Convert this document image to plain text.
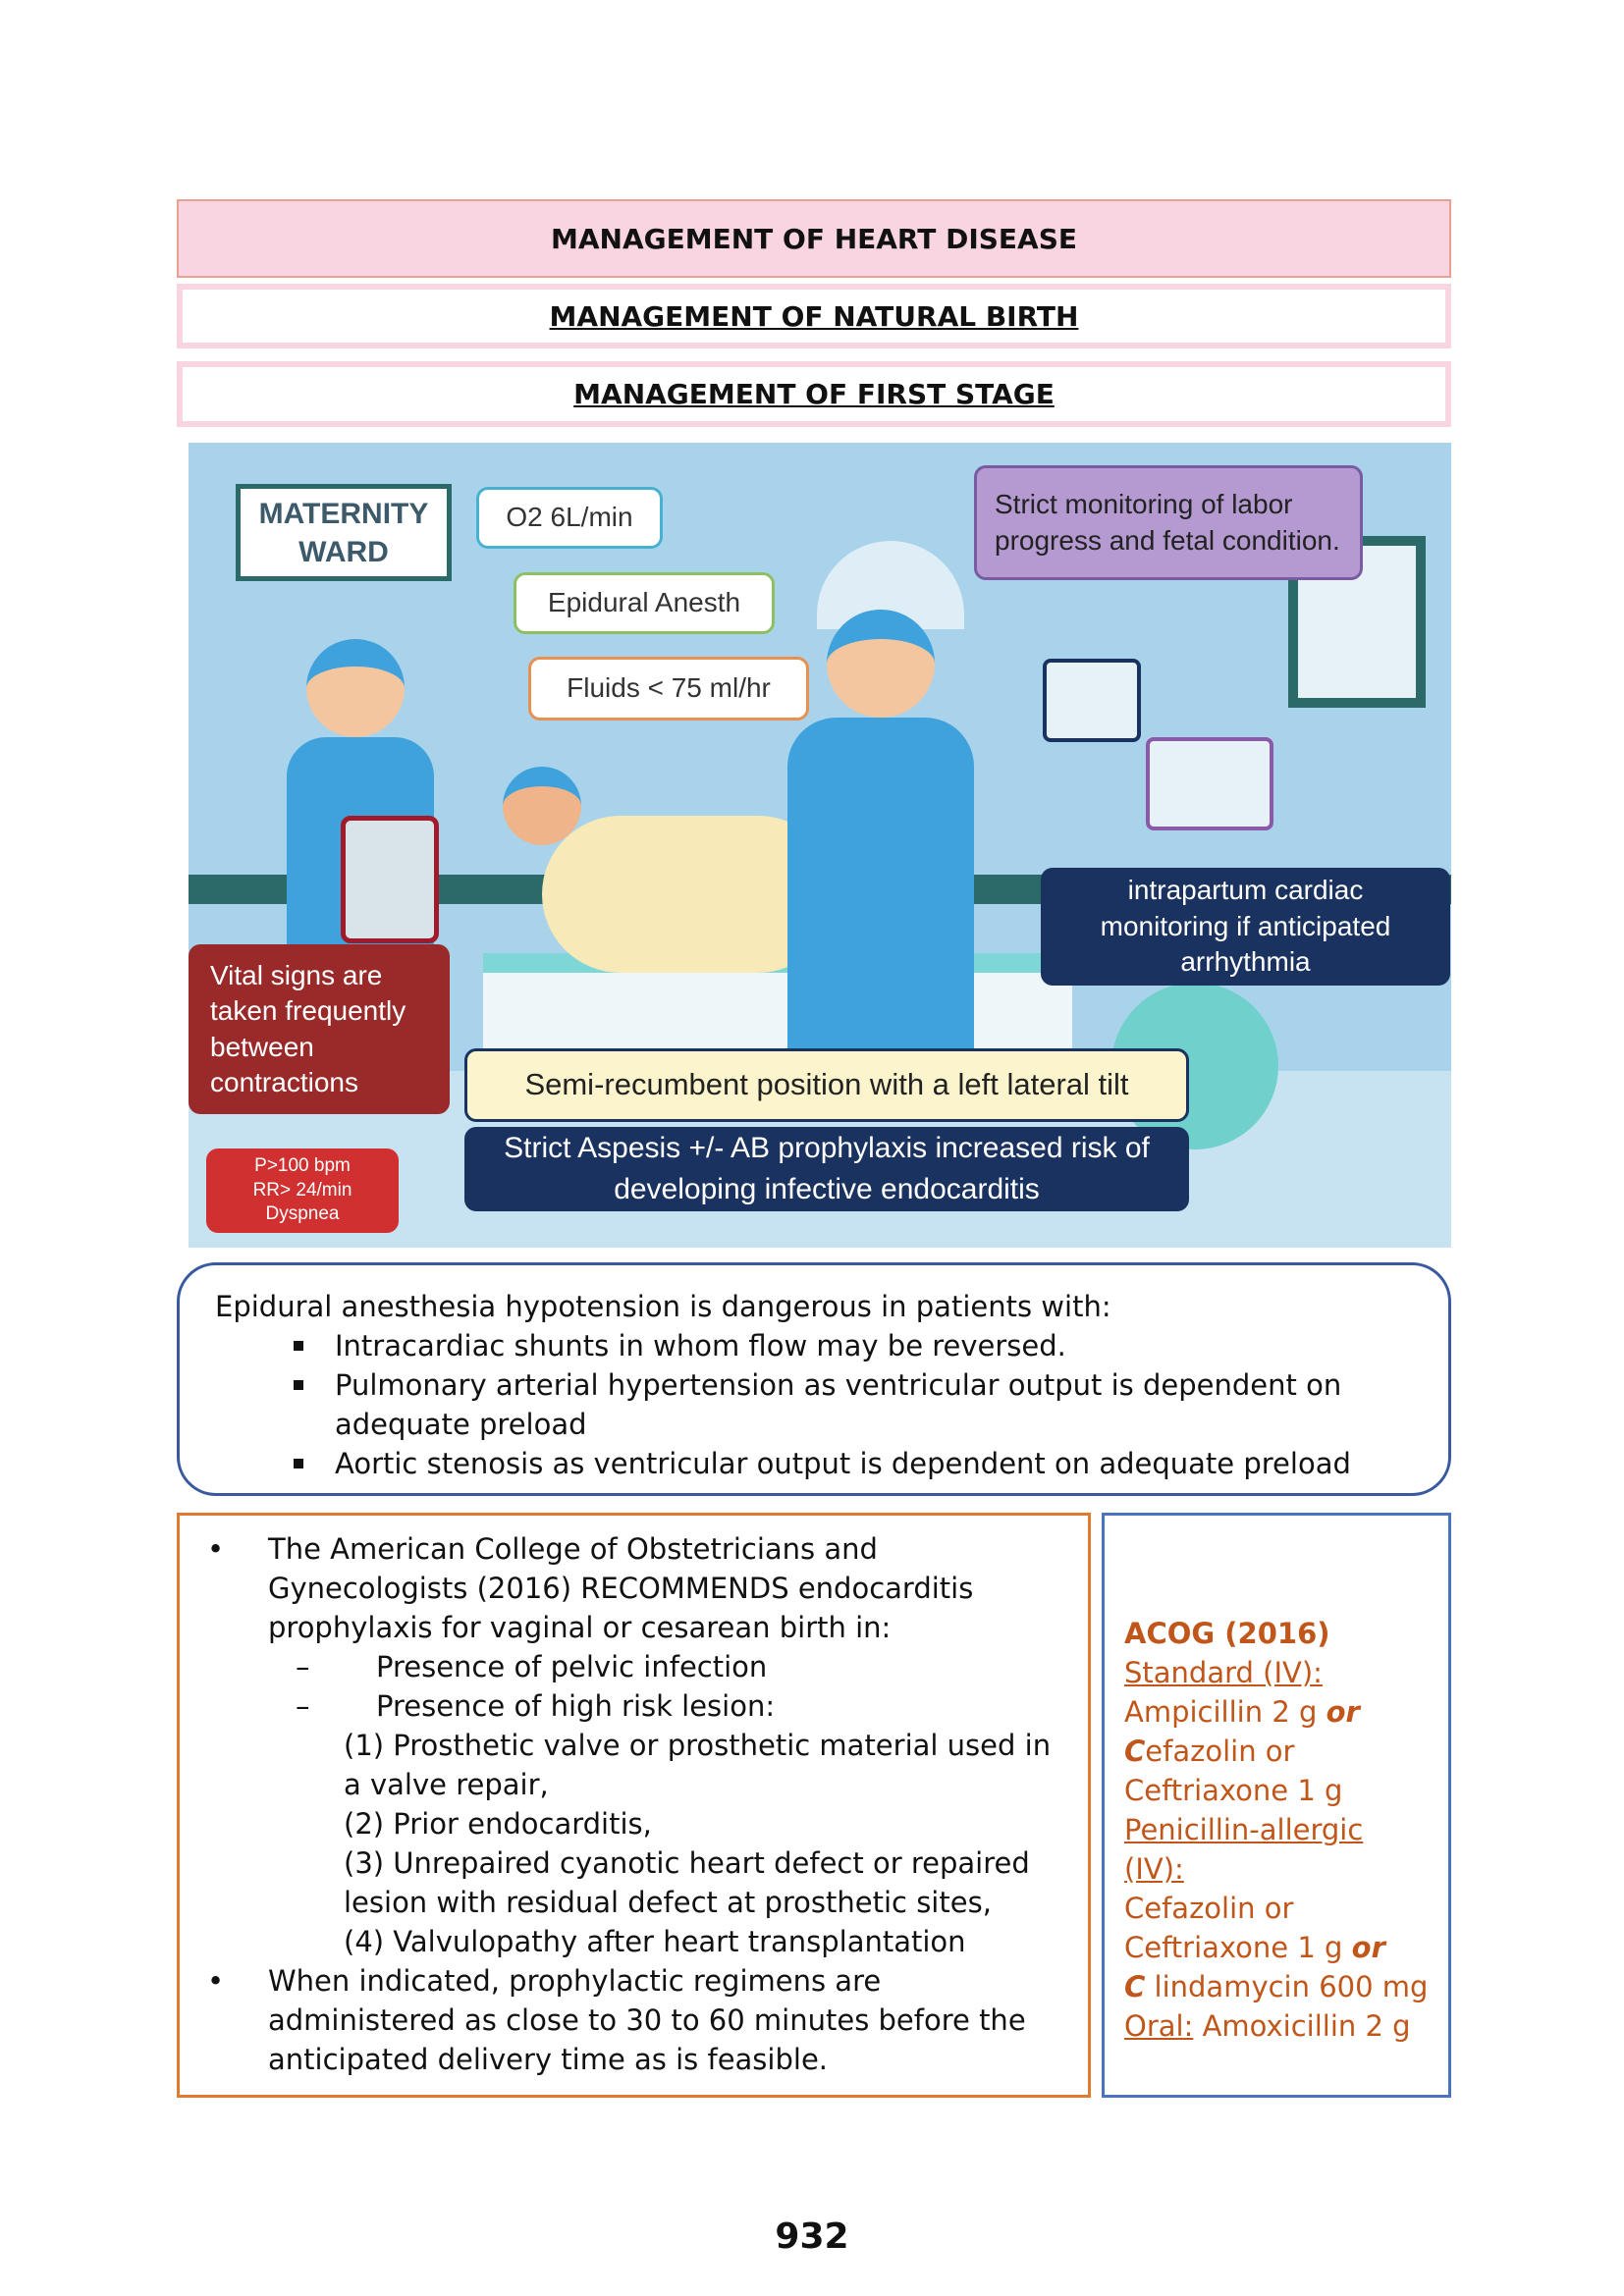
MANAGEMENT OF HEART DISEASE
MANAGEMENT OF NATURAL BIRTH
MANAGEMENT OF FIRST STAGE
MATERNITY WARD
O2 6L/min
Epidural Anesth
Fluids < 75 ml/hr
Strict monitoring of labor progress and fetal condition.
intrapartum cardiac monitoring if anticipated arrhythmia
Vital signs are taken frequently between contractions	Semi-recumbent position with a left lateral tilt
Strict Aspesis +/- AB prophylaxis increased risk of developing infective endocarditis
P>100 bpm
RR> 24/min
Dyspnea
Epidural anesthesia hypotension is dangerous in patients with:
Intracardiac shunts in whom flow may be reversed.
Pulmonary arterial hypertension as ventricular output is dependent on adequate preload
Aortic stenosis as ventricular output is dependent on adequate preload
• The American College of Obstetricians and Gynecologists (2016) RECOMMENDS endocarditis prophylaxis for vaginal or cesarean birth in:
– Presence of pelvic infection
– Presence of high risk lesion:
(1) Prosthetic valve or prosthetic material used in a valve repair,
(2) Prior endocarditis,
(3) Unrepaired cyanotic heart defect or repaired lesion with residual defect at prosthetic sites,
(4) Valvulopathy after heart transplantation
• When indicated, prophylactic regimens are administered as close to 30 to 60 minutes before the anticipated delivery time as is feasible.
ACOG (2016)
Standard (IV):
Ampicillin 2 g or
Cefazolin or
Ceftriaxone 1 g
Penicillin-allergic (IV):
Cefazolin or
Ceftriaxone 1 g or
C lindamycin 600 mg
Oral: Amoxicillin 2 g
932
